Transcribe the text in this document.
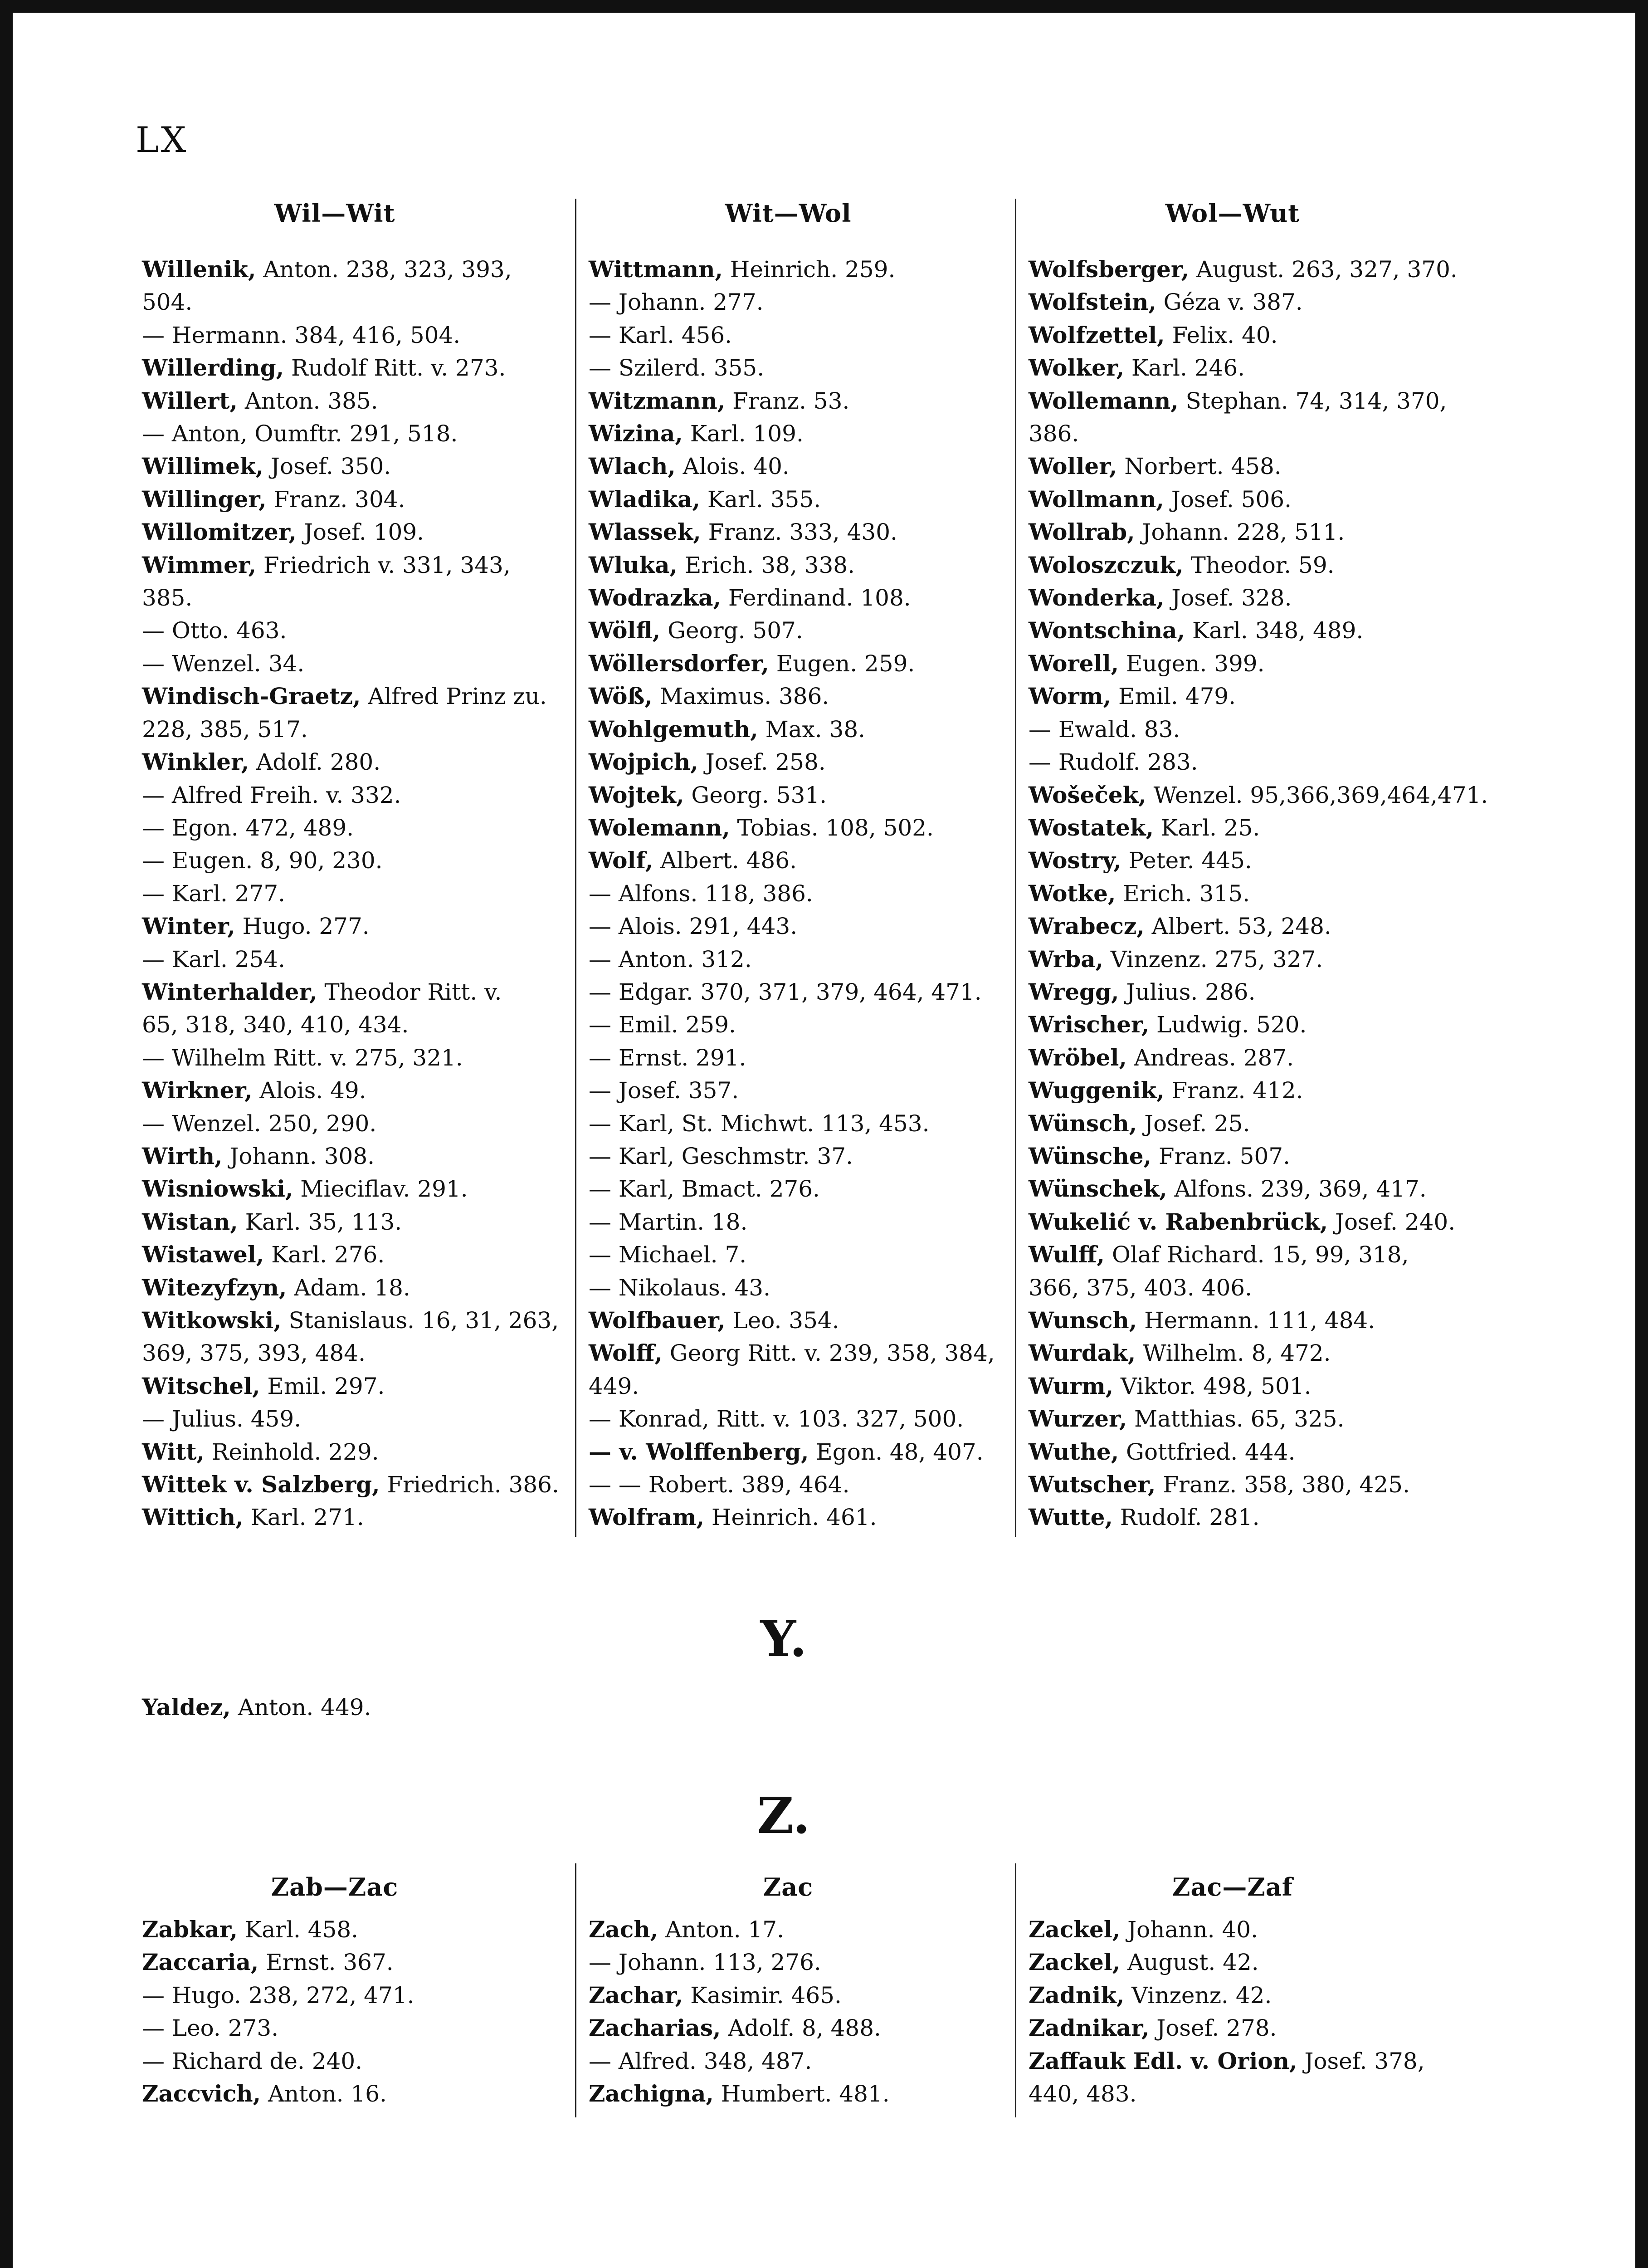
LX
Wil—Wit	Wit—Wol	Wol—Wut
Willenik, Anton. 238, 323, 393,
504.
— Hermann. 384, 416, 504.
Willerding, Rudolf Ritt. v. 273.
Willert, Anton. 385.
— Anton, Oumftr. 291, 518.
Willimek, Josef. 350.
Willinger, Franz. 304.
Willomitzer, Josef. 109.
Wimmer, Friedrich v. 331, 343,
385.
— Otto. 463.
— Wenzel. 34.
Windisch-Graetz, Alfred Prinz zu.
228, 385, 517.
Winkler, Adolf. 280.
— Alfred Freih. v. 332.
— Egon. 472, 489.
— Eugen. 8, 90, 230.
— Karl. 277.
Winter, Hugo. 277.
— Karl. 254.
Winterhalder, Theodor Ritt. v.
65, 318, 340, 410, 434.
— Wilhelm Ritt. v. 275, 321.
Wirkner, Alois. 49.
— Wenzel. 250, 290.
Wirth, Johann. 308.
Wisniowski, Mieciflav. 291.
Wistan, Karl. 35, 113.
Wistawel, Karl. 276.
Witezyfzyn, Adam. 18.
Witkowski, Stanislaus. 16, 31, 263,
369, 375, 393, 484.
Witschel, Emil. 297.
— Julius. 459.
Witt, Reinhold. 229.
Wittek v. Salzberg, Friedrich. 386.
Wittich, Karl. 271.
Wittmann, Heinrich. 259.
— Johann. 277.
— Karl. 456.
— Szilerd. 355.
Witzmann, Franz. 53.
Wizina, Karl. 109.
Wlach, Alois. 40.
Wladika, Karl. 355.
Wlassek, Franz. 333, 430.
Wluka, Erich. 38, 338.
Wodrazka, Ferdinand. 108.
Wölfl, Georg. 507.
Wöllersdorfer, Eugen. 259.
Wöß, Maximus. 386.
Wohlgemuth, Max. 38.
Wojpich, Josef. 258.
Wojtek, Georg. 531.
Wolemann, Tobias. 108, 502.
Wolf, Albert. 486.
— Alfons. 118, 386.
— Alois. 291, 443.
— Anton. 312.
— Edgar. 370, 371, 379, 464, 471.
— Emil. 259.
— Ernst. 291.
— Josef. 357.
— Karl, St. Michwt. 113, 453.
— Karl, Geschmstr. 37.
— Karl, Bmact. 276.
— Martin. 18.
— Michael. 7.
— Nikolaus. 43.
Wolfbauer, Leo. 354.
Wolff, Georg Ritt. v. 239, 358, 384,
449.
— Konrad, Ritt. v. 103. 327, 500.
— v. Wolffenberg, Egon. 48, 407.
— — Robert. 389, 464.
Wolfram, Heinrich. 461.
Wolfsberger, August. 263, 327, 370.
Wolfstein, Géza v. 387.
Wolfzettel, Felix. 40.
Wolker, Karl. 246.
Wollemann, Stephan. 74, 314, 370,
386.
Woller, Norbert. 458.
Wollmann, Josef. 506.
Wollrab, Johann. 228, 511.
Woloszczuk, Theodor. 59.
Wonderka, Josef. 328.
Wontschina, Karl. 348, 489.
Worell, Eugen. 399.
Worm, Emil. 479.
— Ewald. 83.
— Rudolf. 283.
Wošeček, Wenzel. 95,366,369,464,471.
Wostatek, Karl. 25.
Wostry, Peter. 445.
Wotke, Erich. 315.
Wrabecz, Albert. 53, 248.
Wrba, Vinzenz. 275, 327.
Wregg, Julius. 286.
Wrischer, Ludwig. 520.
Wröbel, Andreas. 287.
Wuggenik, Franz. 412.
Wünsch, Josef. 25.
Wünsche, Franz. 507.
Wünschek, Alfons. 239, 369, 417.
Wukelić v. Rabenbrück, Josef. 240.
Wulff, Olaf Richard. 15, 99, 318,
366, 375, 403. 406.
Wunsch, Hermann. 111, 484.
Wurdak, Wilhelm. 8, 472.
Wurm, Viktor. 498, 501.
Wurzer, Matthias. 65, 325.
Wuthe, Gottfried. 444.
Wutscher, Franz. 358, 380, 425.
Wutte, Rudolf. 281.
Y.
Yaldez, Anton. 449.
Z.
Zab—Zac	Zac	Zac—Zaf
Zabkar, Karl. 458.
Zaccaria, Ernst. 367.
— Hugo. 238, 272, 471.
— Leo. 273.
— Richard de. 240.
Zaccvich, Anton. 16.
Zach, Anton. 17.
— Johann. 113, 276.
Zachar, Kasimir. 465.
Zacharias, Adolf. 8, 488.
— Alfred. 348, 487.
Zachigna, Humbert. 481.
Zackel, Johann. 40.
Zackel, August. 42.
Zadnik, Vinzenz. 42.
Zadnikar, Josef. 278.
Zaffauk Edl. v. Orion, Josef. 378,
440, 483.
